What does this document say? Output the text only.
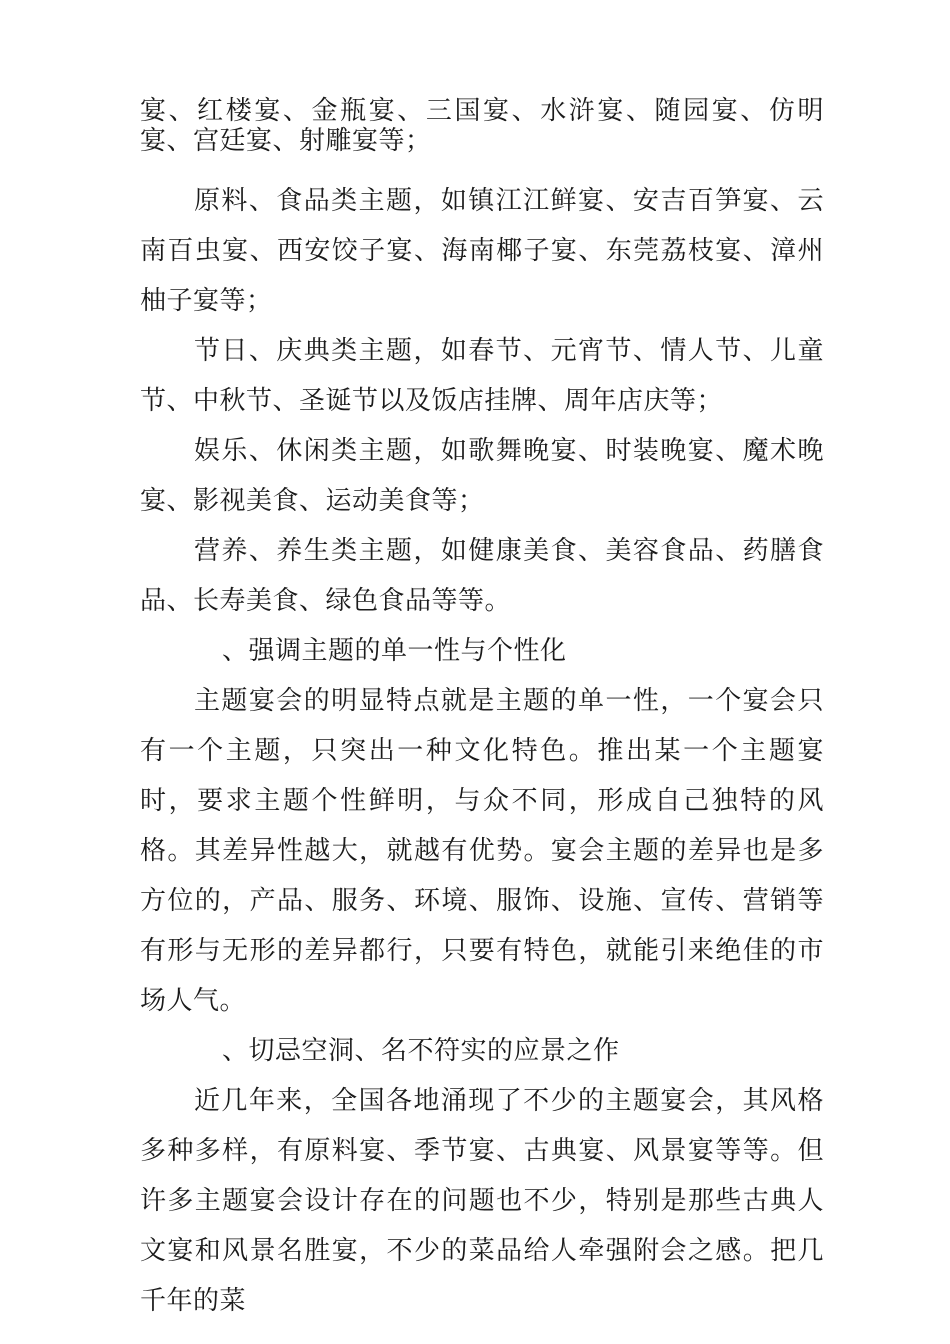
宴、红楼宴、金瓶宴、三国宴、水浒宴、随园宴、仿明宴、宫廷宴、射雕宴等；

原料、食品类主题，如镇江江鲜宴、安吉百笋宴、云南百虫宴、西安饺子宴、海南椰子宴、东莞荔枝宴、漳州柚子宴等；

节日、庆典类主题，如春节、元宵节、情人节、儿童节、中秋节、圣诞节以及饭店挂牌、周年店庆等；

娱乐、休闲类主题，如歌舞晚宴、时装晚宴、魔术晚宴、影视美食、运动美食等；

营养、养生类主题，如健康美食、美容食品、药膳食品、长寿美食、绿色食品等等。

、强调主题的单一性与个性化

主题宴会的明显特点就是主题的单一性，一个宴会只有一个主题，只突出一种文化特色。推出某一个主题宴时，要求主题个性鲜明，与众不同，形成自己独特的风格。其差异性越大，就越有优势。宴会主题的差异也是多方位的，产品、服务、环境、服饰、设施、宣传、营销等有形与无形的差异都行，只要有特色，就能引来绝佳的市场人气。

、切忌空洞、名不符实的应景之作

近几年来，全国各地涌现了不少的主题宴会，其风格多种多样，有原料宴、季节宴、古典宴、风景宴等等。但许多主题宴会设计存在的问题也不少，特别是那些古典人文宴和风景名胜宴，不少的菜品给人牵强附会之感。把几千年的菜
